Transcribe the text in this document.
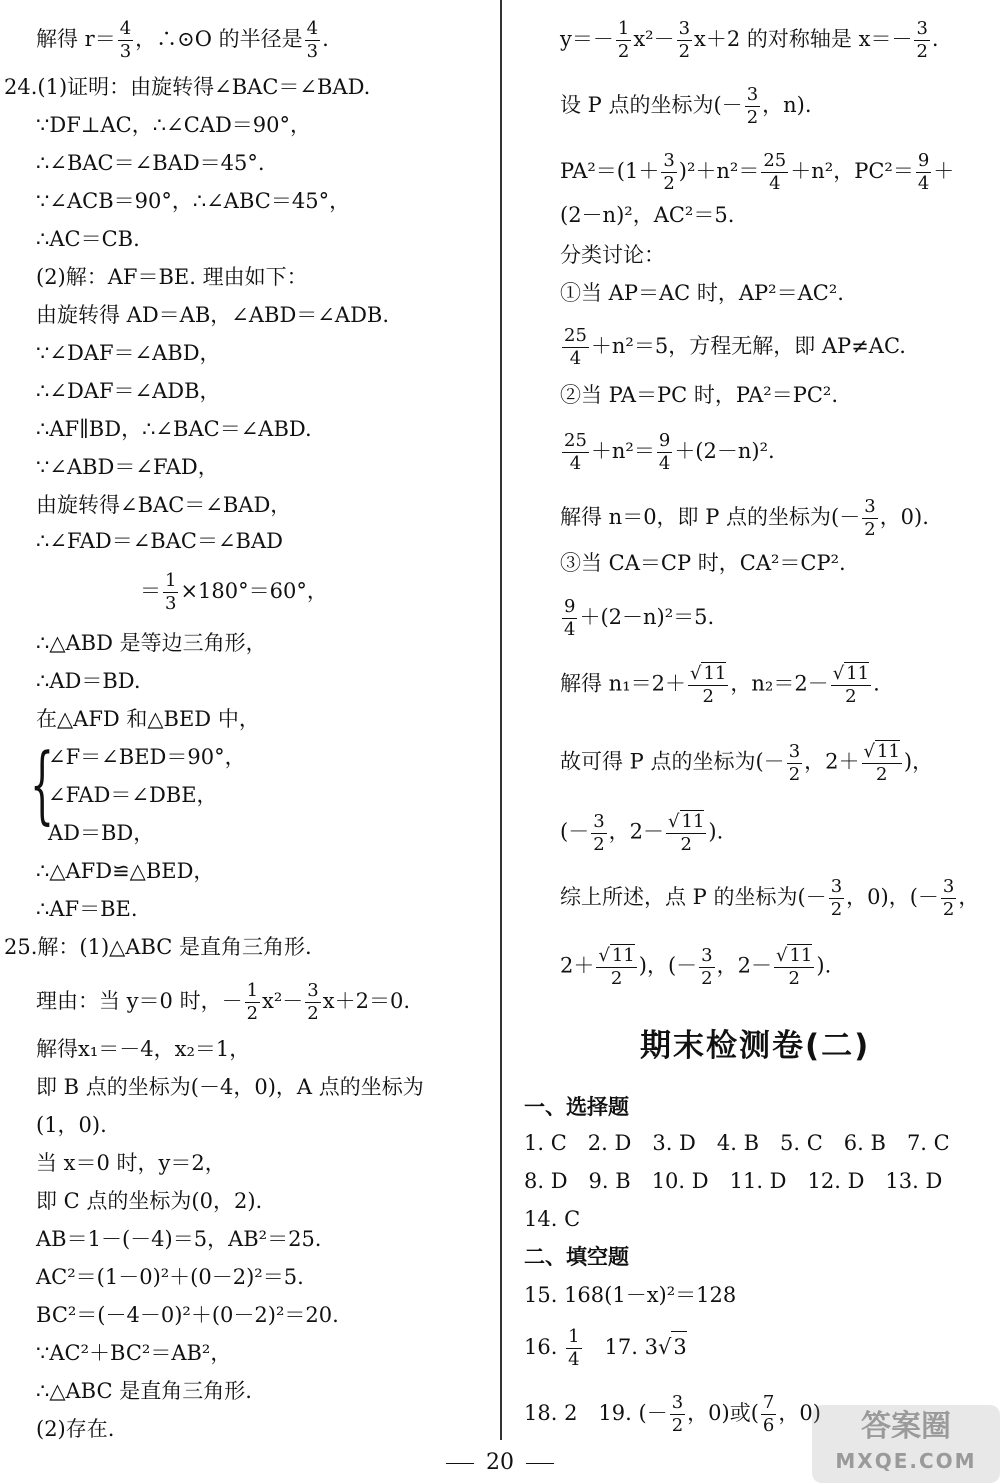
解得 $r= \frac{4}{3}$ ，∴⊙O 的半径是 $\frac{4}{3}$ .
24.(1)证明：由旋转得∠BAC＝∠BAD.
∵DF⊥AC，∴∠CAD＝90°，
∴∠BAC＝∠BAD＝45°.
∵∠ACB＝90°，∴∠ABC＝45°，
∴AC＝CB.
(2)解：AF＝BE. 理由如下：
由旋转得 AD＝AB，∠ABD＝∠ADB.
∵∠DAF＝∠ABD，
∴∠DAF＝∠ADB，
∴AF∥BD，∴∠BAC＝∠ABD.
∵∠ABD＝∠FAD，
由旋转得∠BAC＝∠BAD，
∴∠FAD＝∠BAC＝∠BAD
＝ $\frac{1}{3} \times 180^\circ=60^\circ$，
∴△ABD 是等边三角形，
∴AD＝BD.
在△AFD 和△BED 中，
{
∠F＝∠BED＝90°，
∠FAD＝∠DBE，
AD＝BD，
∴△AFD≌△BED，
∴AF＝BE.
25.解：(1)△ABC 是直角三角形.
理由：当 y＝0 时，－ $\frac{1}{2} x^2- \frac{3}{2} x+2=0$.
解得x₁＝－4，x₂＝1，
即 B 点的坐标为(－4，0)，A 点的坐标为
(1，0).
当 x＝0 时，y＝2，
即 C 点的坐标为(0，2).
AB＝1－(－4)＝5，AB²＝25.
AC²＝(1－0)²＋(0－2)²＝5.
BC²＝(－4－0)²＋(0－2)²＝20.
∵AC²＋BC²＝AB²，
∴△ABC 是直角三角形.
(2)存在.
$y=- \frac{1}{2} x^2- \frac{3}{2} x+2$ 的对称轴是 $x=- \frac{3}{2}$ .
设 P 点的坐标为(－ $\frac{3}{2}$ ，n).
$PA^2=(1+ \frac{3}{2} )^2+n^2= \frac{25}{4} +n^2$，$PC^2= \frac{9}{4}$ ＋
(2－n)²，AC²＝5.
分类讨论：
①当 AP＝AC 时，AP²＝AC².
$\frac{25}{4} +n^2=5$，方程无解，即 AP≠AC.
②当 PA＝PC 时，PA²＝PC².
$\frac{25}{4} +n^2= \frac{9}{4} +(2-n)^2$.
解得 n＝0，即 P 点的坐标为(－ $\frac{3}{2}$ ，0).
③当 CA＝CP 时，CA²＝CP².
$\frac{9}{4} +(2-n)^2=5$.
解得 $n_1=2+ \frac{√ 11}{2}$ ，$n_2=2- \frac{√ 11}{2}$ .
故可得 P 点的坐标为(－ $\frac{3}{2}$ ，$2+ \frac{√ 11}{2}$ )，
(－ $\frac{3}{2}$ ，$2- \frac{√ 11}{2}$ ).
综上所述，点 P 的坐标为(－ $\frac{3}{2}$ ，0)，(－ $\frac{3}{2}$ ，
$2+ \frac{√ 11}{2}$ )，(－ $\frac{3}{2}$ ，$2- \frac{√ 11}{2}$ ).
一、选择题
1. C　2. D　3. D　4. B　5. C　6. B　7. C
8. D　9. B　10. D　11. D　12. D　13. D
14. C
二、填空题
15. 168(1－x)²＝128
16. $\frac{1}{4}$ 　17. 3√3
18. 2　19. (－ $\frac{3}{2}$ ，0)或( $\frac{7}{6}$ ，0)
期末检测卷(二)
20
答案圈
MXQE.COM
